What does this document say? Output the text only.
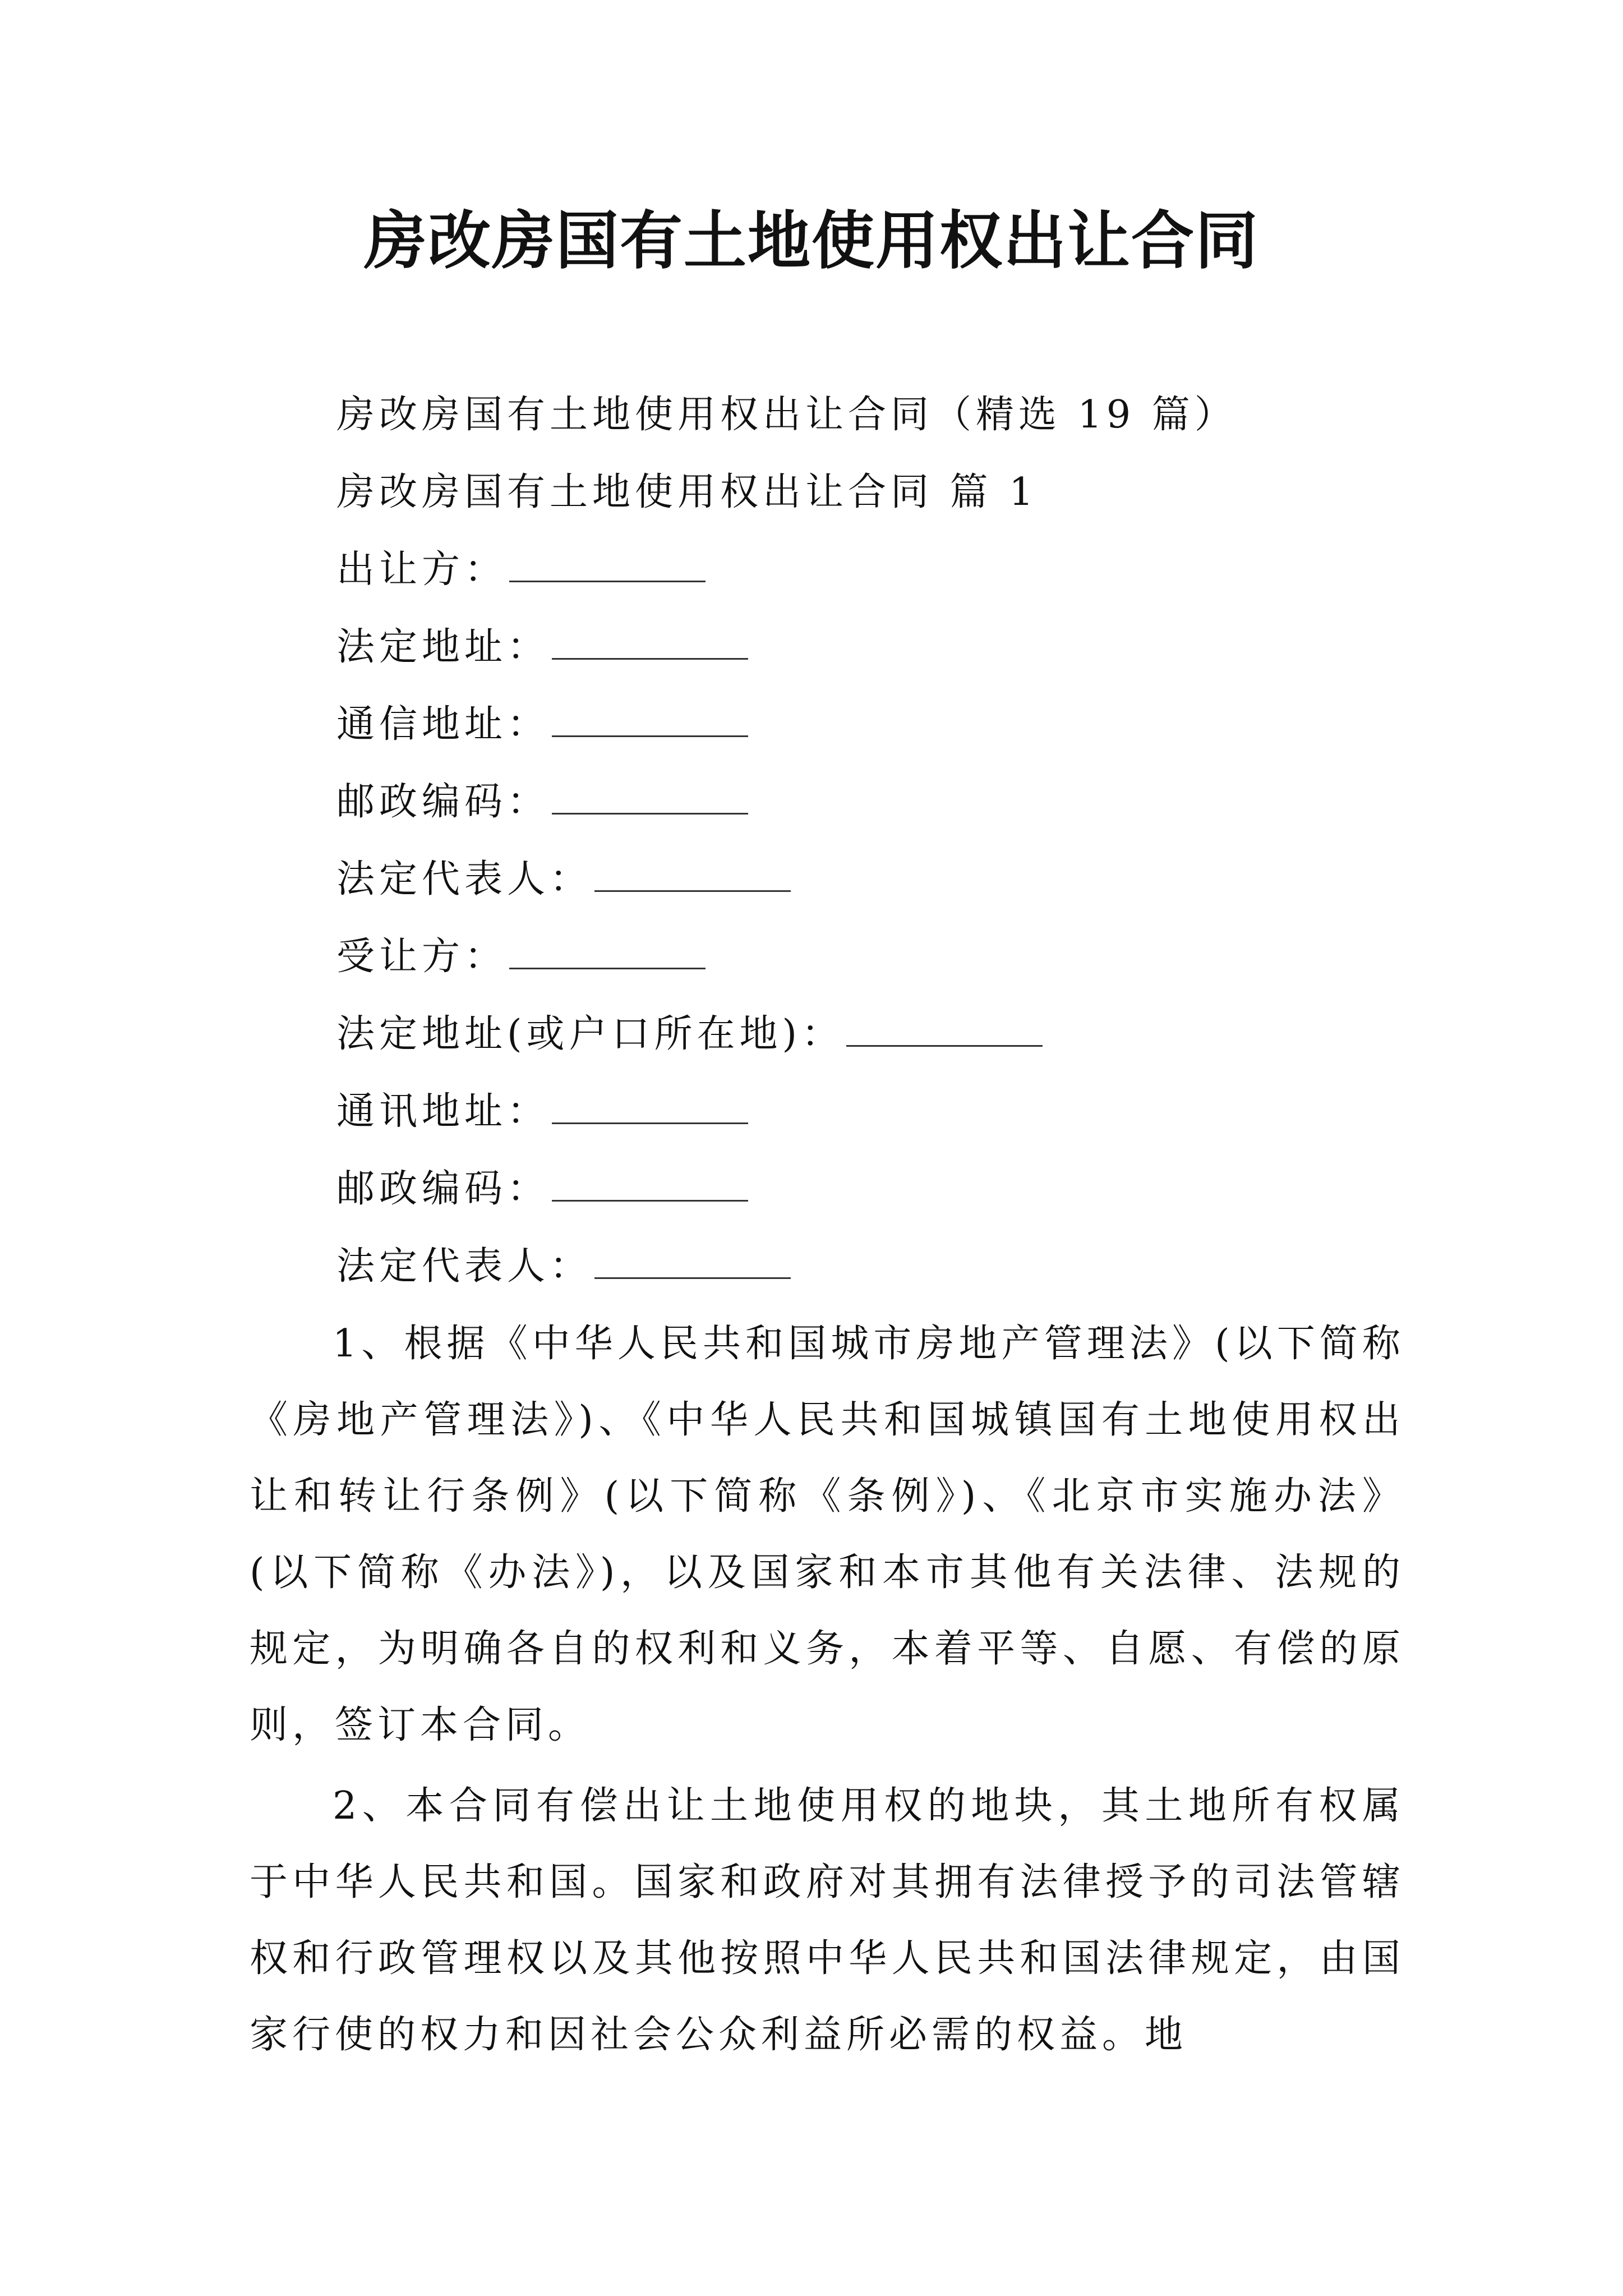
房改房国有土地使用权出让合同
房改房国有土地使用权出让合同（精选 19 篇）
房改房国有土地使用权出让合同 篇 1
出让方：
法定地址：
通信地址：
邮政编码：
法定代表人：
受让方：
法定地址(或户口所在地)：
通讯地址：
邮政编码：
法定代表人：
1、根据《中华人民共和国城市房地产管理法》(以下简称《房地产管理法》)、《中华人民共和国城镇国有土地使用权出让和转让行条例》(以下简称《条例》)、《北京市实施办法》(以下简称《办法》)，以及国家和本市其他有关法律、法规的规定，为明确各自的权利和义务，本着平等、自愿、有偿的原则，签订本合同。
2、本合同有偿出让土地使用权的地块，其土地所有权属于中华人民共和国。国家和政府对其拥有法律授予的司法管辖权和行政管理权以及其他按照中华人民共和国法律规定，由国家行使的权力和因社会公众利益所必需的权益。地
